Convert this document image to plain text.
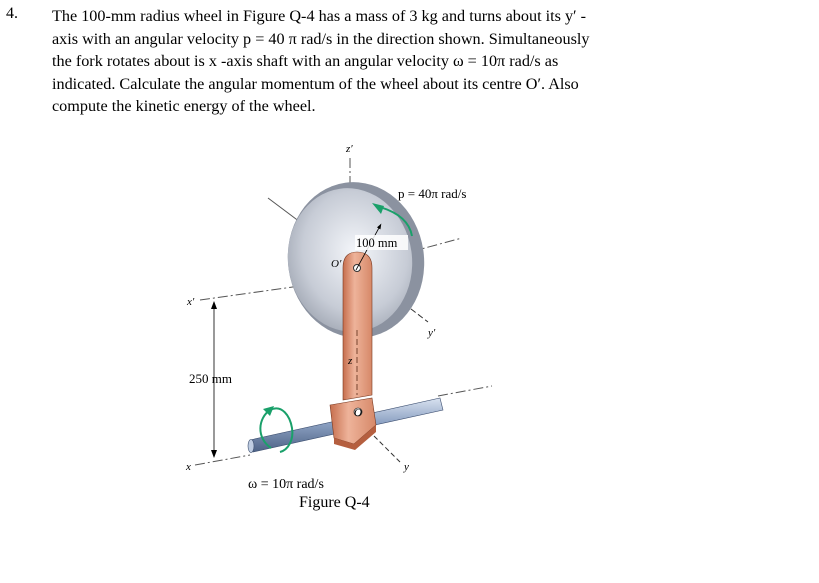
4. The 100-mm radius wheel in Figure Q-4 has a mass of 3 kg and turns about its y′ -
axis with an angular velocity p = 40 π rad/s in the direction shown. Simultaneously
the fork rotates about is x -axis shaft with an angular velocity ω = 10π rad/s as
indicated. Calculate the angular momentum of the wheel about its centre O′. Also
compute the kinetic energy of the wheel.
z′
p = 40π rad/s
100 mm
O′
x′
y′
z
O
250 mm
x	y
ω = 10π rad/s
Figure Q-4
